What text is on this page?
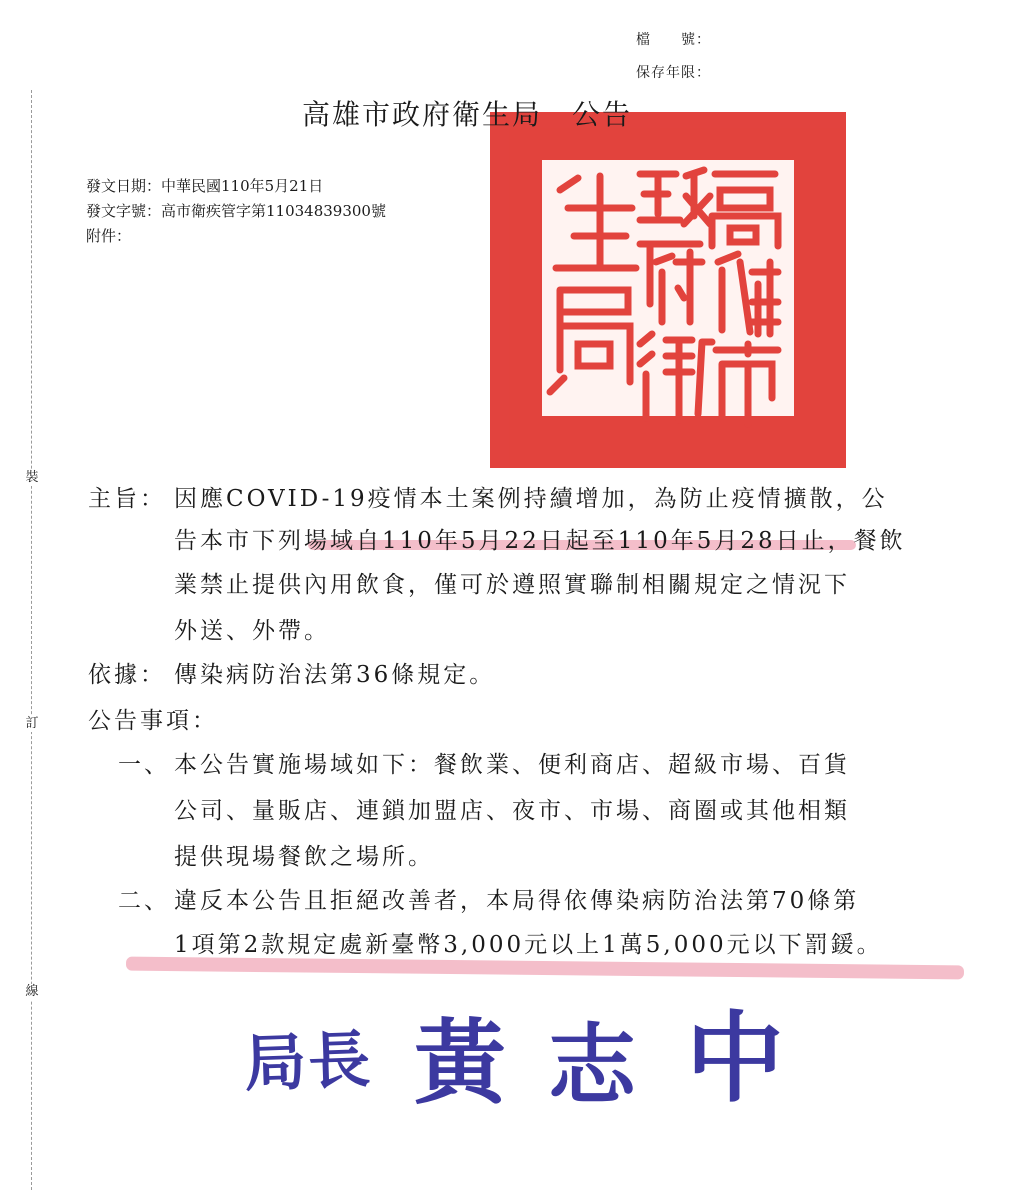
裝
訂
線
檔　　號：
保存年限：
高雄市政府衛生局　公告
發文日期：中華民國110年5月21日
發文字號：高市衛疾管字第11034839300號
附件：
主旨： 因應COVID-19疫情本土案例持續增加，為防止疫情擴散，公
告本市下列場域自110年5月22日起至110年5月28日止，餐飲
業禁止提供內用飲食，僅可於遵照實聯制相關規定之情況下
外送、外帶。
依據： 傳染病防治法第36條規定。
公告事項：
一、 本公告實施場域如下：餐飲業、便利商店、超級市場、百貨
公司、量販店、連鎖加盟店、夜市、市場、商圈或其他相類
提供現場餐飲之場所。
二、 違反本公告且拒絕改善者，本局得依傳染病防治法第70條第
1項第2款規定處新臺幣3,000元以上1萬5,000元以下罰鍰。
局長 黃 志 中
